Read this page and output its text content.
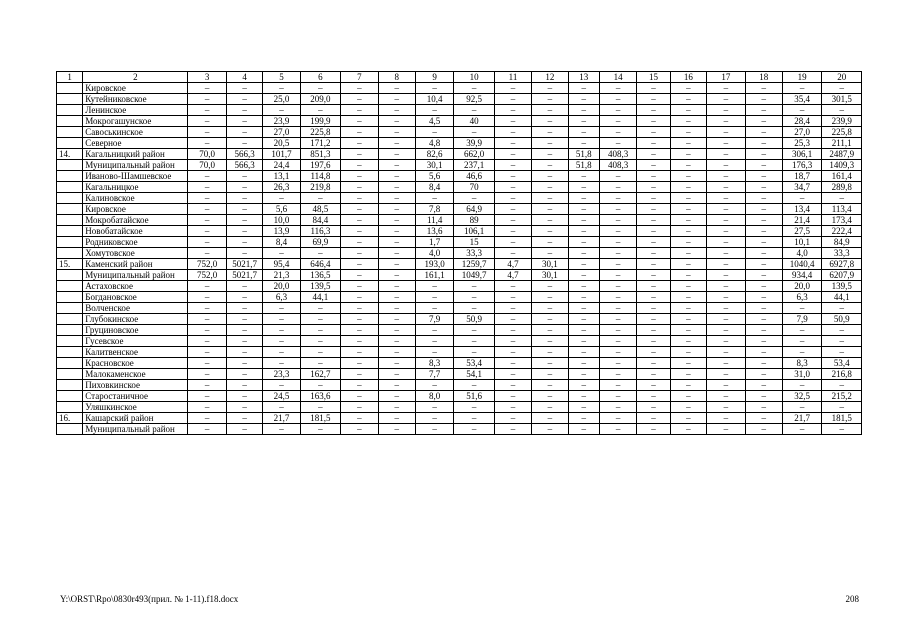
1	2	3	4	5	6	7	8	9	10	11	12	13	14	15	16	17	18	19	20
	Кировское	–	–	–	–	–	–	–	–	–	–	–	–	–	–	–	–	–	–
	Кутейниковское	–	–	25,0	209,0	–	–	10,4	92,5	–	–	–	–	–	–	–	–	35,4	301,5
	Ленинское	–	–	–	–	–	–	–	–	–	–	–	–	–	–	–	–	–	–
	Мокрогашунское	–	–	23,9	199,9	–	–	4,5	40	–	–	–	–	–	–	–	–	28,4	239,9
	Савоськинское	–	–	27,0	225,8	–	–	–	–	–	–	–	–	–	–	–	–	27,0	225,8
	Северное	–	–	20,5	171,2	–	–	4,8	39,9	–	–	–	–	–	–	–	–	25,3	211,1
14.	Кагальницкий район	70,0	566,3	101,7	851,3	–	–	82,6	662,0	–	–	51,8	408,3	–	–	–	–	306,1	2487,9
	Муниципальный район	70,0	566,3	24,4	197,6	–	–	30,1	237,1	–	–	51,8	408,3	–	–	–	–	176,3	1409,3
	Иваново-Шамшевское	–	–	13,1	114,8	–	–	5,6	46,6	–	–	–	–	–	–	–	–	18,7	161,4
	Кагальницкое	–	–	26,3	219,8	–	–	8,4	70	–	–	–	–	–	–	–	–	34,7	289,8
	Калиновское	–	–	–	–	–	–	–	–	–	–	–	–	–	–	–	–	–	–
	Кировское	–	–	5,6	48,5	–	–	7,8	64,9	–	–	–	–	–	–	–	–	13,4	113,4
	Мокробатайское	–	–	10,0	84,4	–	–	11,4	89	–	–	–	–	–	–	–	–	21,4	173,4
	Новобатайское	–	–	13,9	116,3	–	–	13,6	106,1	–	–	–	–	–	–	–	–	27,5	222,4
	Родниковское	–	–	8,4	69,9	–	–	1,7	15	–	–	–	–	–	–	–	–	10,1	84,9
	Хомутовское	–	–	–	–	–	–	4,0	33,3	–	–	–	–	–	–	–	–	4,0	33,3
15.	Каменский район	752,0	5021,7	95,4	646,4	–	–	193,0	1259,7	4,7	30,1	–	–	–	–	–	–	1040,4	6927,8
	Муниципальный район	752,0	5021,7	21,3	136,5	–	–	161,1	1049,7	4,7	30,1	–	–	–	–	–	–	934,4	6207,9
	Астаховское	–	–	20,0	139,5	–	–	–	–	–	–	–	–	–	–	–	–	20,0	139,5
	Богдановское	–	–	6,3	44,1	–	–	–	–	–	–	–	–	–	–	–	–	6,3	44,1
	Волченское	–	–	–	–	–	–	–	–	–	–	–	–	–	–	–	–	–	–
	Глубокинское	–	–	–	–	–	–	7,9	50,9	–	–	–	–	–	–	–	–	7,9	50,9
	Груциновское	–	–	–	–	–	–	–	–	–	–	–	–	–	–	–	–	–	–
	Гусевское	–	–	–	–	–	–	–	–	–	–	–	–	–	–	–	–	–	–
	Калитвенское	–	–	–	–	–	–	–	–	–	–	–	–	–	–	–	–	–	–
	Красновское	–	–	–	–	–	–	8,3	53,4	–	–	–	–	–	–	–	–	8,3	53,4
	Малокаменское	–	–	23,3	162,7	–	–	7,7	54,1	–	–	–	–	–	–	–	–	31,0	216,8
	Пиховкинское	–	–	–	–	–	–	–	–	–	–	–	–	–	–	–	–	–	–
	Старостаничное	–	–	24,5	163,6	–	–	8,0	51,6	–	–	–	–	–	–	–	–	32,5	215,2
	Уляшкинское	–	–	–	–	–	–	–	–	–	–	–	–	–	–	–	–	–	–
16.	Кашарский район	–	–	21,7	181,5	–	–	–	–	–	–	–	–	–	–	–	–	21,7	181,5
	Муниципальный район	–	–	–	–	–	–	–	–	–	–	–	–	–	–	–	–	–	–
Y:\ORST\Rpo\0830r493(прил. № 1-11).f18.docx	208
